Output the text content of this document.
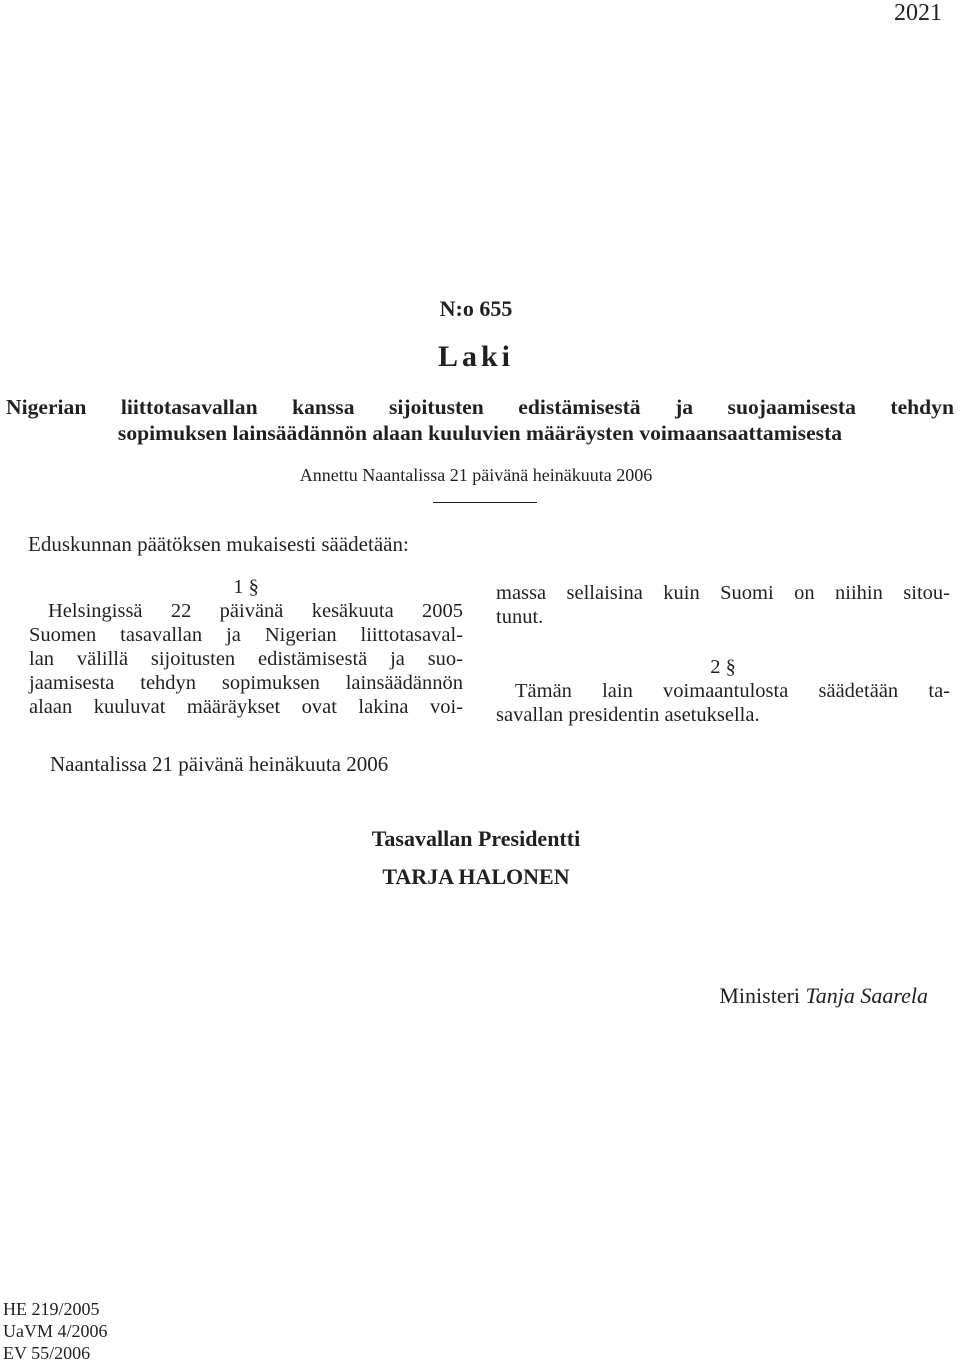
2021
N:o 655
Laki
Nigerian liittotasavallan kanssa sijoitusten edistämisestä ja suojaamisesta tehdyn
sopimuksen lainsäädännön alaan kuuluvien määräysten voimaansaattamisesta
Annettu Naantalissa 21 päivänä heinäkuuta 2006
Eduskunnan päätöksen mukaisesti säädetään:
1 §
Helsingissä 22 päivänä kesäkuuta 2005
Suomen tasavallan ja Nigerian liittotasaval-
lan välillä sijoitusten edistämisestä ja suo-
jaamisesta tehdyn sopimuksen lainsäädännön
alaan kuuluvat määräykset ovat lakina voi-
massa sellaisina kuin Suomi on niihin sitou-
tunut.
2 §
Tämän lain voimaantulosta säädetään ta-
savallan presidentin asetuksella.
Naantalissa 21 päivänä heinäkuuta 2006
Tasavallan Presidentti
TARJA HALONEN
Ministeri Tanja Saarela
HE 219/2005
UaVM 4/2006
EV 55/2006
